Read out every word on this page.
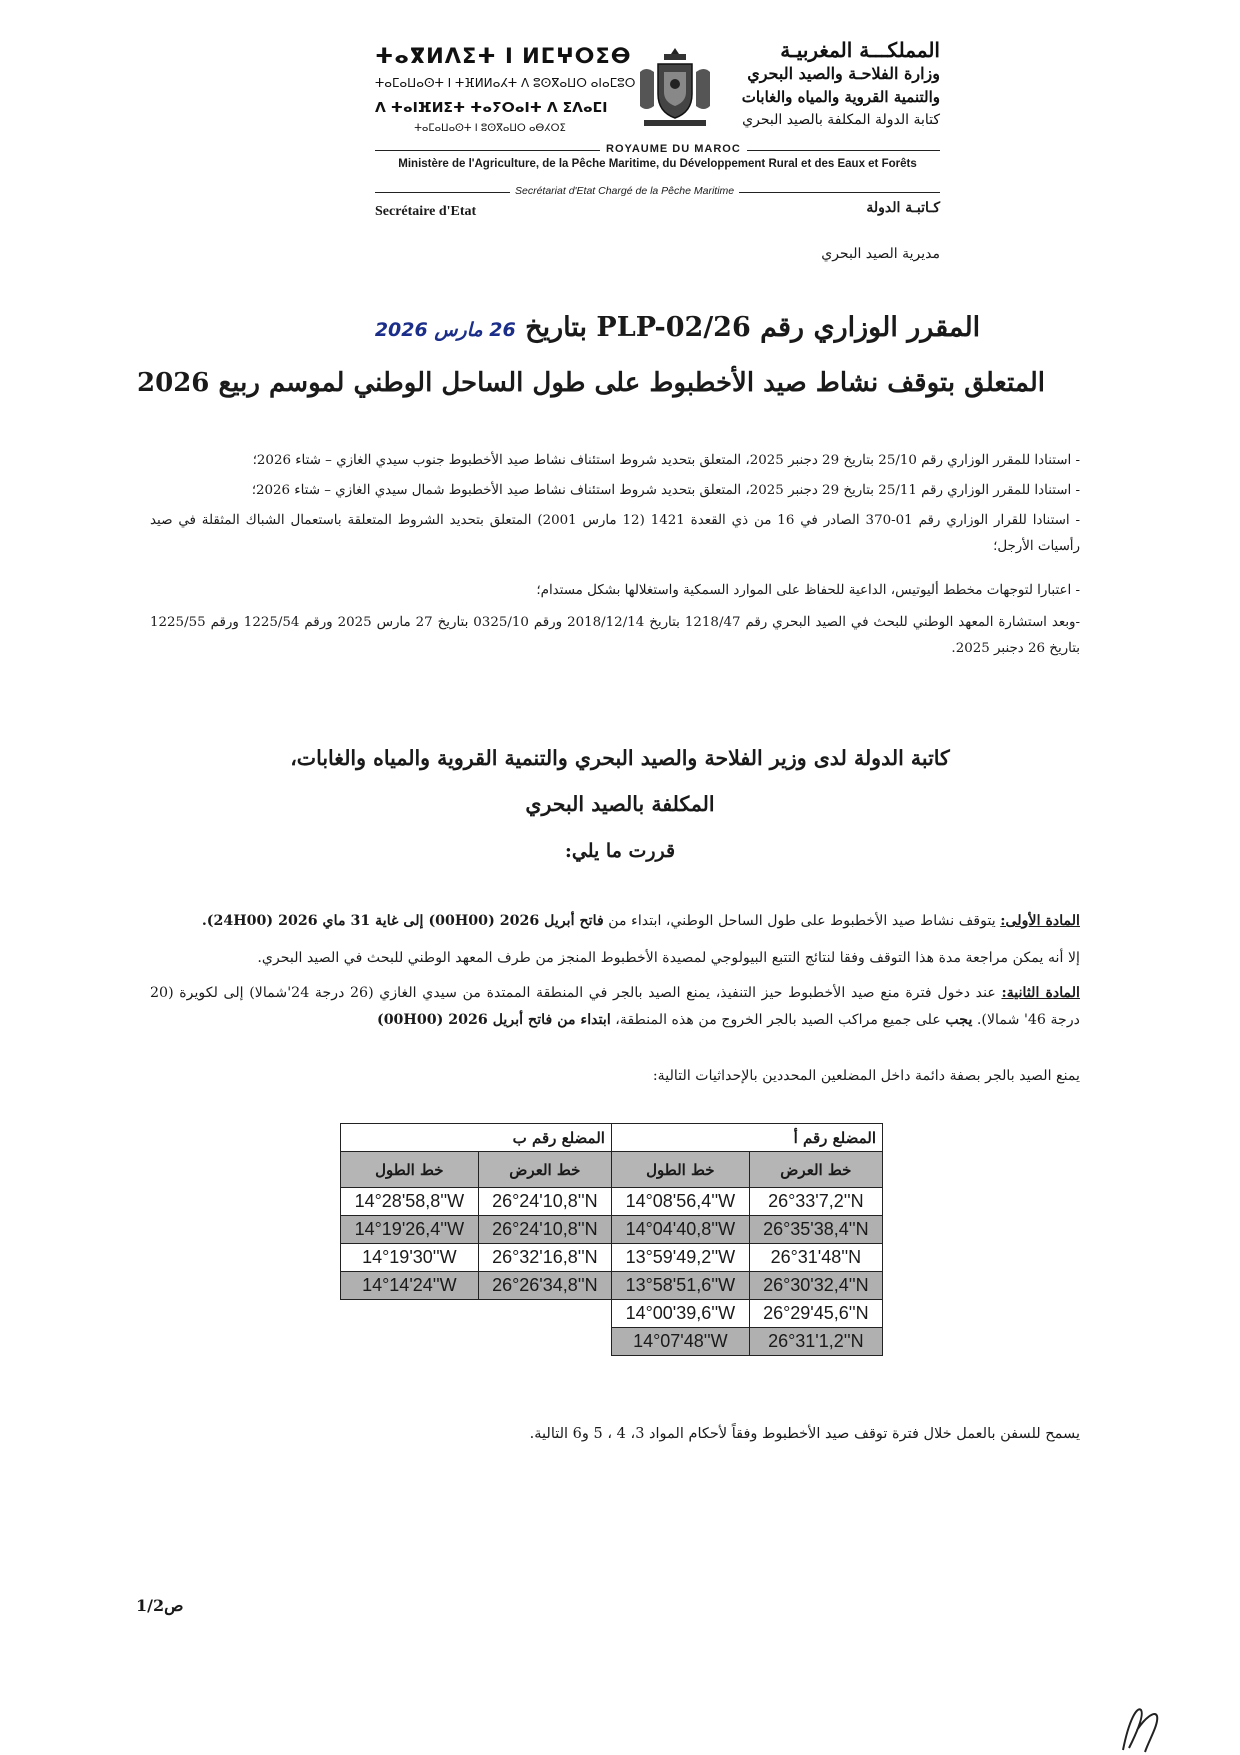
ⵜⴰⴳⵍⴷⵉⵜ ⵏ ⵍⵎⵖⵔⵉⴱ
ⵜⴰⵎⴰⵡⴰⵙⵜ ⵏ ⵜⴼⵍⵍⴰⵃⵜ ⴷ ⵓⵙⴳⴰⵡⵔ ⴰⵏⴰⵎⵓⵔ
ⴷ ⵜⴰⵏⴼⵍⵉⵜ ⵜⴰⵢⵔⴰⵏⵜ ⴷ ⵉⴷⴰⵎⵏ
ⵜⴰⵎⴰⵡⴰⵙⵜ ⵏ ⵓⵙⴳⴰⵡⵔ ⴰⴱⵃⵔⵉ
المملكـــة المغربيـة
وزارة الفلاحـة والصيد البحري
والتنمية القروية والمياه والغابات
كتابة الدولة المكلفة بالصيد البحري
ROYAUME DU MAROC
Ministère de l'Agriculture, de la Pêche Maritime, du Développement Rural et des Eaux et Forêts
Secrétariat d'Etat Chargé de la Pêche Maritime
Secrétaire d'Etat	كـاتبـة الدولة
مديرية الصيد البحري
المقرر الوزاري رقم PLP-02/26 بتاريخ 26 مارس 2026
المتعلق بتوقف نشاط صيد الأخطبوط على طول الساحل الوطني لموسم ربيع 2026
- استنادا للمقرر الوزاري رقم 25/10 بتاريخ 29 دجنبر 2025، المتعلق بتحديد شروط استئناف نشاط صيد الأخطبوط جنوب سيدي الغازي – شتاء 2026؛
- استنادا للمقرر الوزاري رقم 25/11 بتاريخ 29 دجنبر 2025، المتعلق بتحديد شروط استئناف نشاط صيد الأخطبوط شمال سيدي الغازي – شتاء 2026؛
- استنادا للقرار الوزاري رقم 01-370 الصادر في 16 من ذي القعدة 1421 (12 مارس 2001) المتعلق بتحديد الشروط المتعلقة باستعمال الشباك المثقلة في صيد رأسيات الأرجل؛
- اعتبارا لتوجهات مخطط أليوتيس، الداعية للحفاظ على الموارد السمكية واستغلالها بشكل مستدام؛
-وبعد استشارة المعهد الوطني للبحث في الصيد البحري رقم 1218/47 بتاريخ 2018/12/14 ورقم 0325/10 بتاريخ 27 مارس 2025 ورقم 1225/54 ورقم 1225/55 بتاريخ 26 دجنبر 2025.
كاتبة الدولة لدى وزير الفلاحة والصيد البحري والتنمية القروية والمياه والغابات،
المكلفة بالصيد البحري
قررت ما يلي:
المادة الأولى: يتوقف نشاط صيد الأخطبوط على طول الساحل الوطني، ابتداء من فاتح أبريل 2026 (00H00) إلى غاية 31 ماي 2026 (24H00).
إلا أنه يمكن مراجعة مدة هذا التوقف وفقا لنتائج التتبع البيولوجي لمصيدة الأخطبوط المنجز من طرف المعهد الوطني للبحث في الصيد البحري.
المادة الثانية: عند دخول فترة منع صيد الأخطبوط حيز التنفيذ، يمنع الصيد بالجر في المنطقة الممتدة من سيدي الغازي (26 درجة 24'شمالا) إلى لكويرة (20 درجة 46' شمالا). يجب على جميع مراكب الصيد بالجر الخروج من هذه المنطقة، ابتداء من فاتح أبريل 2026 (00H00)
يمنع الصيد بالجر بصفة دائمة داخل المضلعين المحددين بالإحداثيات التالية:
المضلع رقم ب		المضلع رقم أ	
خط الطول	خط العرض	خط الطول	خط العرض
14°28'58,8''W	26°24'10,8''N	14°08'56,4''W	26°33'7,2''N
14°19'26,4''W	26°24'10,8''N	14°04'40,8''W	26°35'38,4''N
14°19'30''W	26°32'16,8''N	13°59'49,2''W	26°31'48''N
14°14'24''W	26°26'34,8''N	13°58'51,6''W	26°30'32,4''N
		14°00'39,6''W	26°29'45,6''N
		14°07'48''W	26°31'1,2''N
يسمح للسفن بالعمل خلال فترة توقف صيد الأخطبوط وفقاً لأحكام المواد 3، 4 ، 5 و6 التالية.
ص1/2
